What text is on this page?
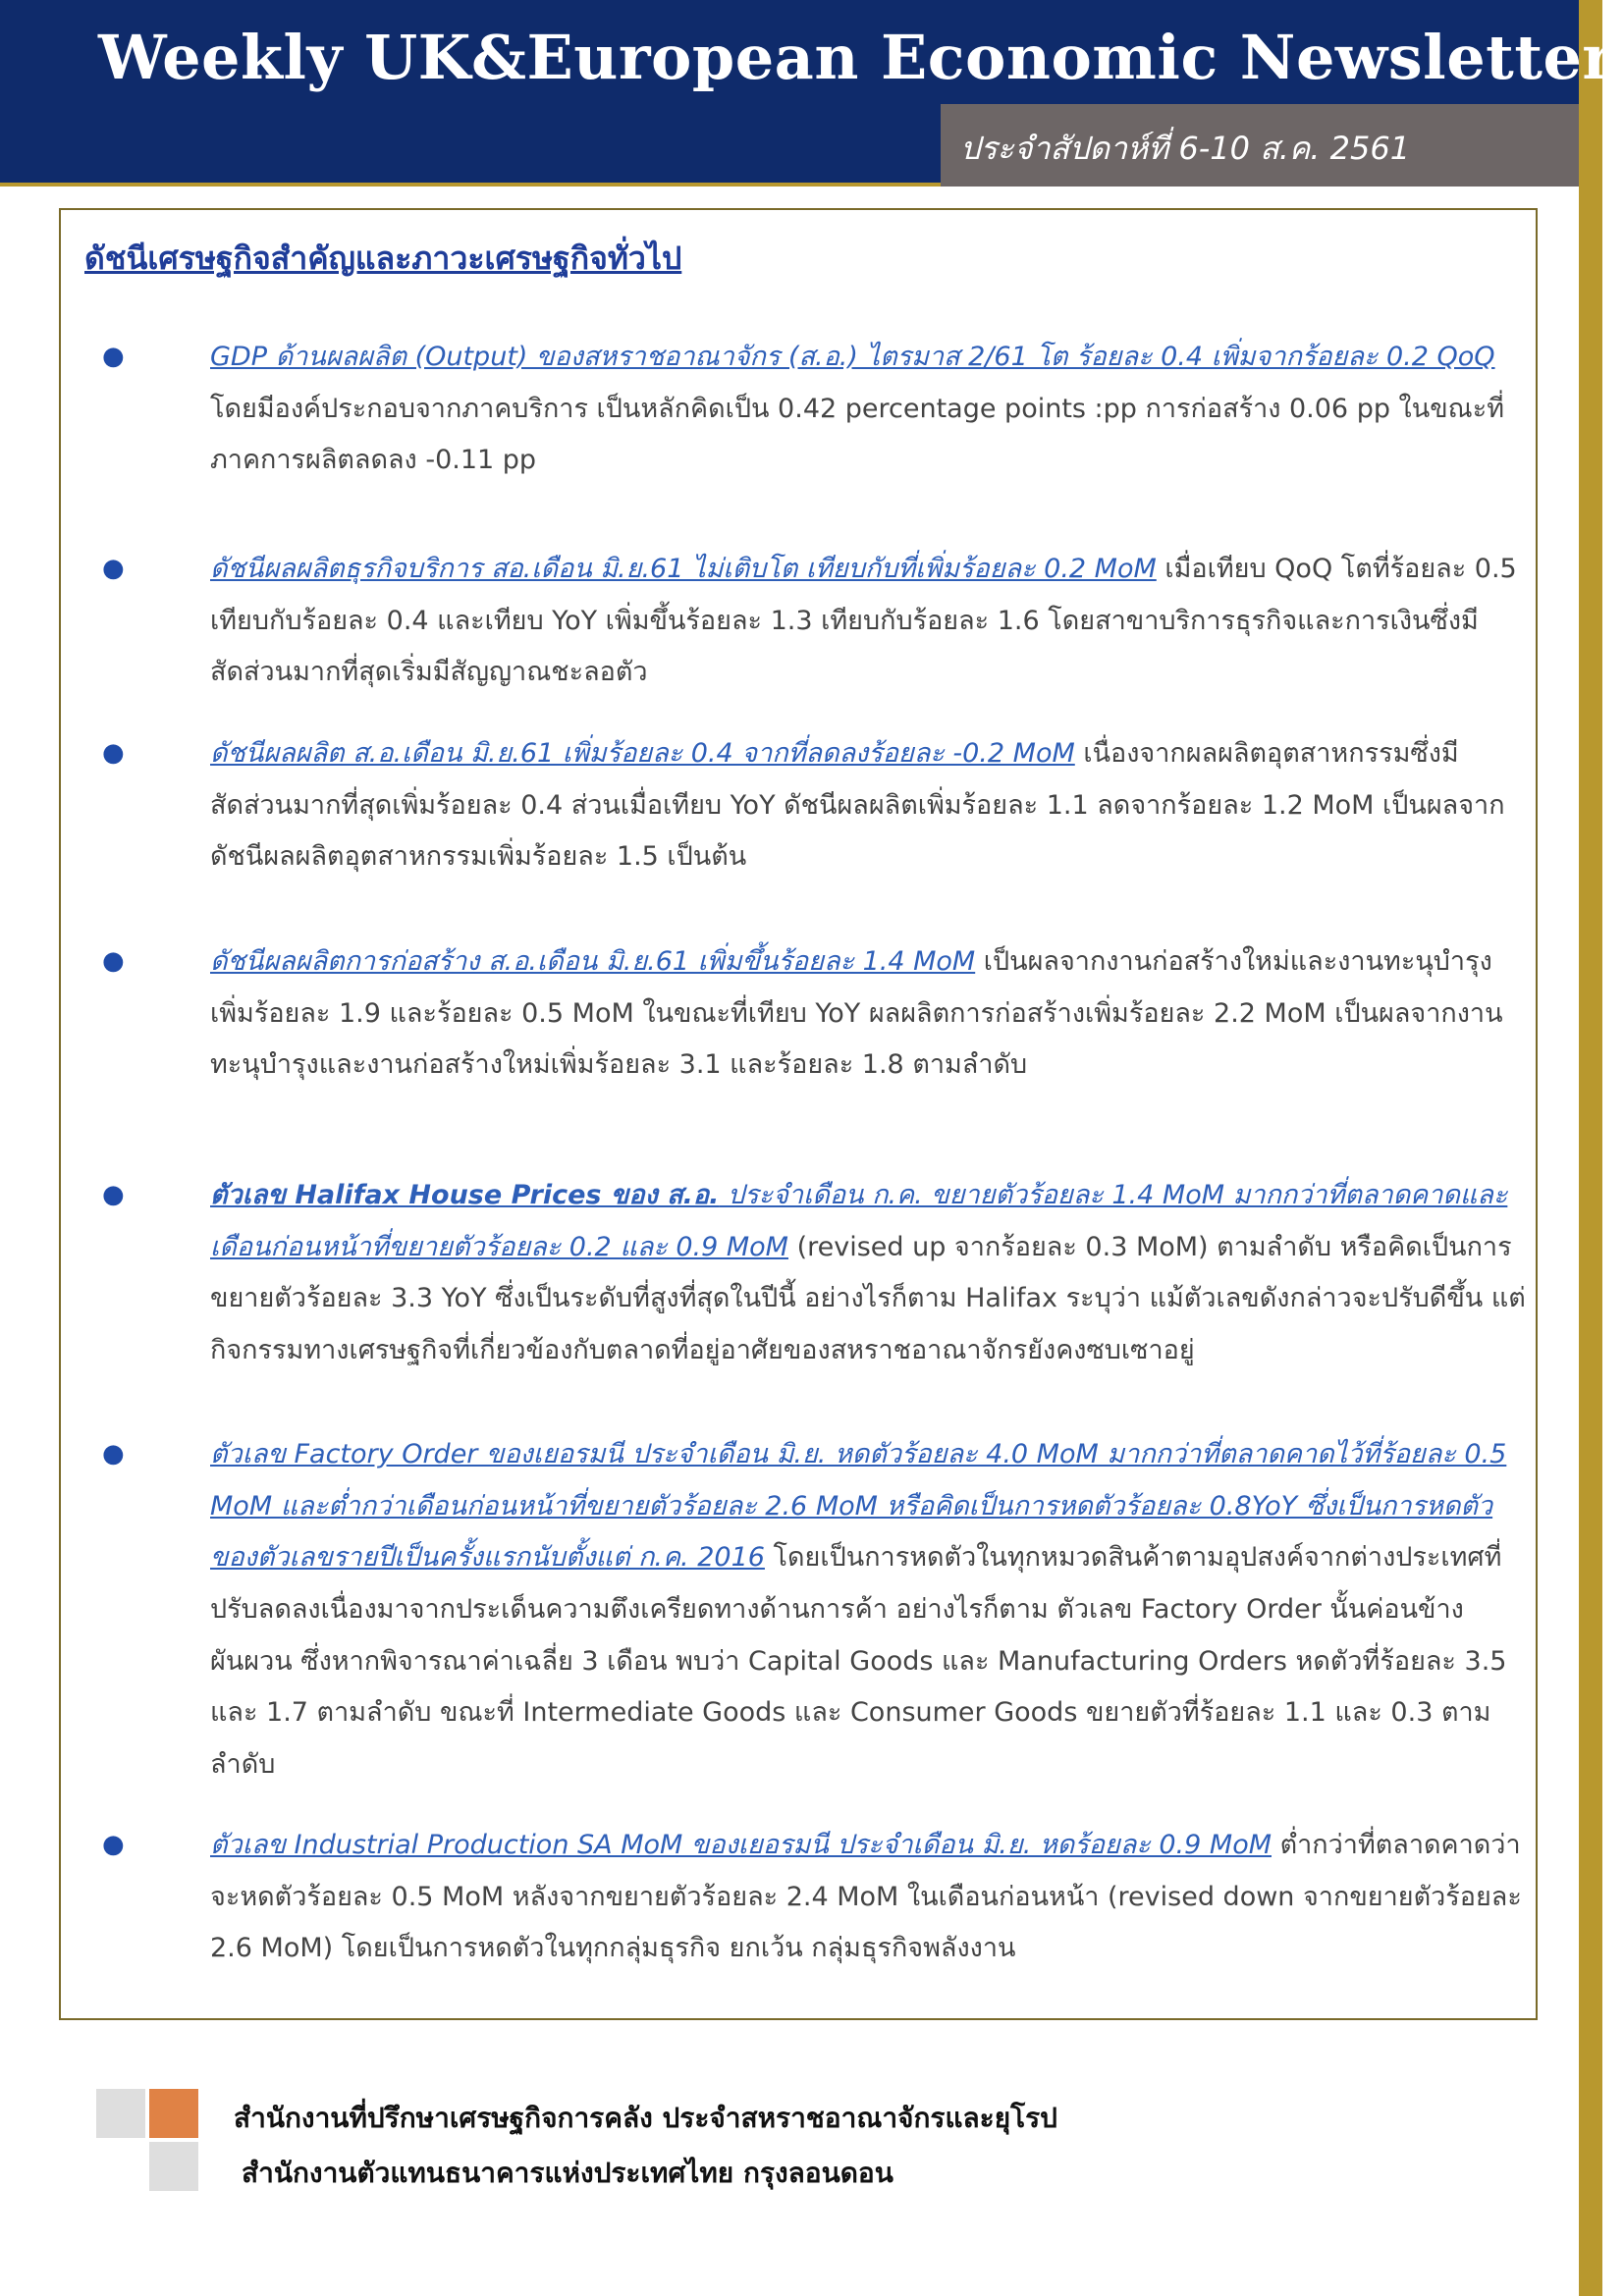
Weekly UK&European Economic Newsletter
ประจำสัปดาห์ที่ 6-10 ส.ค. 2561
ดัชนีเศรษฐกิจสำคัญและภาวะเศรษฐกิจทั่วไป
●	GDP ด้านผลผลิต (Output) ของสหราชอาณาจักร (ส.อ.) ไตรมาส 2/61 โต ร้อยละ 0.4 เพิ่มจากร้อยละ 0.2 QoQ โดยมีองค์ประกอบจากภาคบริการ เป็นหลักคิดเป็น 0.42 percentage points :pp การก่อสร้าง 0.06 pp ในขณะที่ภาคการผลิตลดลง -0.11 pp

●	ดัชนีผลผลิตธุรกิจบริการ สอ.เดือน มิ.ย.61 ไม่เติบโต เทียบกับที่เพิ่มร้อยละ 0.2 MoM เมื่อเทียบ QoQ โตที่ร้อยละ 0.5 เทียบกับร้อยละ 0.4 และเทียบ YoY เพิ่มขึ้นร้อยละ 1.3 เทียบกับร้อยละ 1.6 โดยสาขาบริการธุรกิจและการเงินซึ่งมีสัดส่วนมากที่สุดเริ่มมีสัญญาณชะลอตัว

●	ดัชนีผลผลิต ส.อ.เดือน มิ.ย.61 เพิ่มร้อยละ 0.4 จากที่ลดลงร้อยละ -0.2 MoM เนื่องจากผลผลิตอุตสาหกรรมซึ่งมีสัดส่วนมากที่สุดเพิ่มร้อยละ 0.4 ส่วนเมื่อเทียบ YoY ดัชนีผลผลิตเพิ่มร้อยละ 1.1 ลดจากร้อยละ 1.2 MoM เป็นผลจากดัชนีผลผลิตอุตสาหกรรมเพิ่มร้อยละ 1.5 เป็นต้น

●	ดัชนีผลผลิตการก่อสร้าง ส.อ.เดือน มิ.ย.61 เพิ่มขึ้นร้อยละ 1.4 MoM เป็นผลจากงานก่อสร้างใหม่และงานทะนุบำรุงเพิ่มร้อยละ 1.9 และร้อยละ 0.5 MoM ในขณะที่เทียบ YoY ผลผลิตการก่อสร้างเพิ่มร้อยละ 2.2 MoM เป็นผลจากงานทะนุบำรุงและงานก่อสร้างใหม่เพิ่มร้อยละ 3.1 และร้อยละ 1.8 ตามลำดับ

●	ตัวเลข Halifax House Prices ของ ส.อ. ประจำเดือน ก.ค. ขยายตัวร้อยละ 1.4 MoM มากกว่าที่ตลาดคาดและเดือนก่อนหน้าที่ขยายตัวร้อยละ 0.2 และ 0.9 MoM (revised up จากร้อยละ 0.3 MoM) ตามลำดับ หรือคิดเป็นการขยายตัวร้อยละ 3.3 YoY ซึ่งเป็นระดับที่สูงที่สุดในปีนี้ อย่างไรก็ตาม Halifax ระบุว่า แม้ตัวเลขดังกล่าวจะปรับดีขึ้น แต่กิจกรรมทางเศรษฐกิจที่เกี่ยวข้องกับตลาดที่อยู่อาศัยของสหราชอาณาจักรยังคงซบเซาอยู่

●	ตัวเลข Factory Order ของเยอรมนี ประจำเดือน มิ.ย. หดตัวร้อยละ 4.0 MoM มากกว่าที่ตลาดคาดไว้ที่ร้อยละ 0.5 MoM และต่ำกว่าเดือนก่อนหน้าที่ขยายตัวร้อยละ 2.6 MoM หรือคิดเป็นการหดตัวร้อยละ 0.8YoY ซึ่งเป็นการหดตัวของตัวเลขรายปีเป็นครั้งแรกนับตั้งแต่ ก.ค. 2016 โดยเป็นการหดตัวในทุกหมวดสินค้าตามอุปสงค์จากต่างประเทศที่ปรับลดลงเนื่องมาจากประเด็นความตึงเครียดทางด้านการค้า อย่างไรก็ตาม ตัวเลข Factory Order นั้นค่อนข้างผันผวน ซึ่งหากพิจารณาค่าเฉลี่ย 3 เดือน พบว่า Capital Goods และ Manufacturing Orders หดตัวที่ร้อยละ 3.5 และ 1.7 ตามลำดับ ขณะที่ Intermediate Goods และ Consumer Goods ขยายตัวที่ร้อยละ 1.1 และ 0.3 ตามลำดับ

●	ตัวเลข Industrial Production SA MoM ของเยอรมนี ประจำเดือน มิ.ย. หดร้อยละ 0.9 MoM ต่ำกว่าที่ตลาดคาดว่าจะหดตัวร้อยละ 0.5 MoM หลังจากขยายตัวร้อยละ 2.4 MoM ในเดือนก่อนหน้า (revised down จากขยายตัวร้อยละ 2.6 MoM) โดยเป็นการหดตัวในทุกกลุ่มธุรกิจ ยกเว้น กลุ่มธุรกิจพลังงาน

สำนักงานที่ปรึกษาเศรษฐกิจการคลัง ประจำสหราชอาณาจักรและยุโรป
สำนักงานตัวแทนธนาคารแห่งประเทศไทย กรุงลอนดอน
